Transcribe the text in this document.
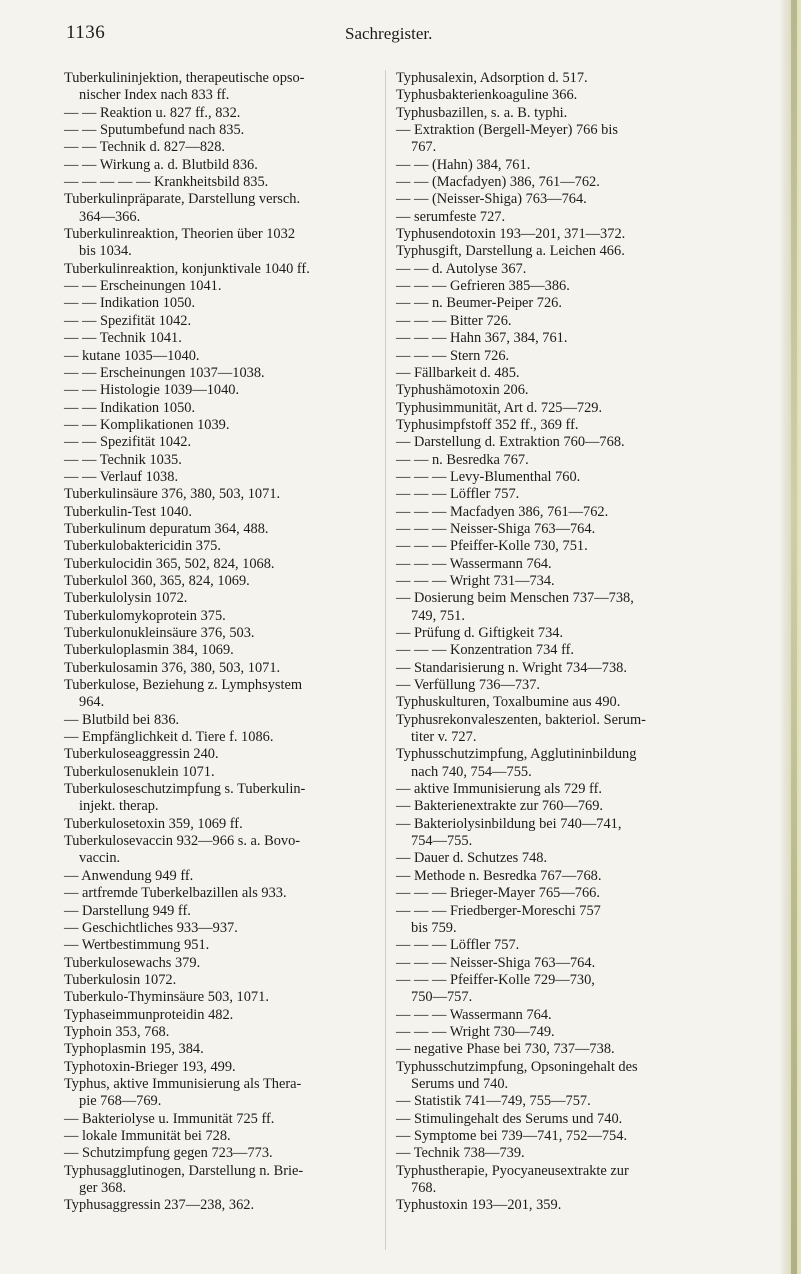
1136	Sachregister.
Tuberkulininjektion, therapeutische opso-
nischer Index nach 833 ff.
— — Reaktion u. 827 ff., 832.
— — Sputumbefund nach 835.
— — Technik d. 827—828.
— — Wirkung a. d. Blutbild 836.
— — — — — Krankheitsbild 835.
Tuberkulinpräparate, Darstellung versch.
364—366.
Tuberkulinreaktion, Theorien über 1032
bis 1034.
Tuberkulinreaktion, konjunktivale 1040 ff.
— — Erscheinungen 1041.
— — Indikation 1050.
— — Spezifität 1042.
— — Technik 1041.
— kutane 1035—1040.
— — Erscheinungen 1037—1038.
— — Histologie 1039—1040.
— — Indikation 1050.
— — Komplikationen 1039.
— — Spezifität 1042.
— — Technik 1035.
— — Verlauf 1038.
Tuberkulinsäure 376, 380, 503, 1071.
Tuberkulin-Test 1040.
Tuberkulinum depuratum 364, 488.
Tuberkulobaktericidin 375.
Tuberkulocidin 365, 502, 824, 1068.
Tuberkulol 360, 365, 824, 1069.
Tuberkulolysin 1072.
Tuberkulomykoprotein 375.
Tuberkulonukleinsäure 376, 503.
Tuberkuloplasmin 384, 1069.
Tuberkulosamin 376, 380, 503, 1071.
Tuberkulose, Beziehung z. Lymphsystem
964.
— Blutbild bei 836.
— Empfänglichkeit d. Tiere f. 1086.
Tuberkuloseaggressin 240.
Tuberkulosenuklein 1071.
Tuberkuloseschutzimpfung s. Tuberkulin-
injekt. therap.
Tuberkulosetoxin 359, 1069 ff.
Tuberkulosevaccin 932—966 s. a. Bovo-
vaccin.
— Anwendung 949 ff.
— artfremde Tuberkelbazillen als 933.
— Darstellung 949 ff.
— Geschichtliches 933—937.
— Wertbestimmung 951.
Tuberkulosewachs 379.
Tuberkulosin 1072.
Tuberkulo-Thyminsäure 503, 1071.
Typhaseimmunproteidin 482.
Typhoin 353, 768.
Typhoplasmin 195, 384.
Typhotoxin-Brieger 193, 499.
Typhus, aktive Immunisierung als Thera-
pie 768—769.
— Bakteriolyse u. Immunität 725 ff.
— lokale Immunität bei 728.
— Schutzimpfung gegen 723—773.
Typhusagglutinogen, Darstellung n. Brie-
ger 368.
Typhusaggressin 237—238, 362.
Typhusalexin, Adsorption d. 517.
Typhusbakterienkoaguline 366.
Typhusbazillen, s. a. B. typhi.
— Extraktion (Bergell-Meyer) 766 bis
767.
— — (Hahn) 384, 761.
— — (Macfadyen) 386, 761—762.
— — (Neisser-Shiga) 763—764.
— serumfeste 727.
Typhusendotoxin 193—201, 371—372.
Typhusgift, Darstellung a. Leichen 466.
— — d. Autolyse 367.
— — — Gefrieren 385—386.
— — n. Beumer-Peiper 726.
— — — Bitter 726.
— — — Hahn 367, 384, 761.
— — — Stern 726.
— Fällbarkeit d. 485.
Typhushämotoxin 206.
Typhusimmunität, Art d. 725—729.
Typhusimpfstoff 352 ff., 369 ff.
— Darstellung d. Extraktion 760—768.
— — n. Besredka 767.
— — — Levy-Blumenthal 760.
— — — Löffler 757.
— — — Macfadyen 386, 761—762.
— — — Neisser-Shiga 763—764.
— — — Pfeiffer-Kolle 730, 751.
— — — Wassermann 764.
— — — Wright 731—734.
— Dosierung beim Menschen 737—738,
749, 751.
— Prüfung d. Giftigkeit 734.
— — — Konzentration 734 ff.
— Standarisierung n. Wright 734—738.
— Verfüllung 736—737.
Typhuskulturen, Toxalbumine aus 490.
Typhusrekonvaleszenten, bakteriol. Serum-
titer v. 727.
Typhusschutzimpfung, Agglutininbildung
nach 740, 754—755.
— aktive Immunisierung als 729 ff.
— Bakterienextrakte zur 760—769.
— Bakteriolysinbildung bei 740—741,
754—755.
— Dauer d. Schutzes 748.
— Methode n. Besredka 767—768.
— — — Brieger-Mayer 765—766.
— — — Friedberger-Moreschi 757
bis 759.
— — — Löffler 757.
— — — Neisser-Shiga 763—764.
— — — Pfeiffer-Kolle 729—730,
750—757.
— — — Wassermann 764.
— — — Wright 730—749.
— negative Phase bei 730, 737—738.
Typhusschutzimpfung, Opsoningehalt des
Serums und 740.
— Statistik 741—749, 755—757.
— Stimulingehalt des Serums und 740.
— Symptome bei 739—741, 752—754.
— Technik 738—739.
Typhustherapie, Pyocyaneusextrakte zur
768.
Typhustoxin 193—201, 359.
